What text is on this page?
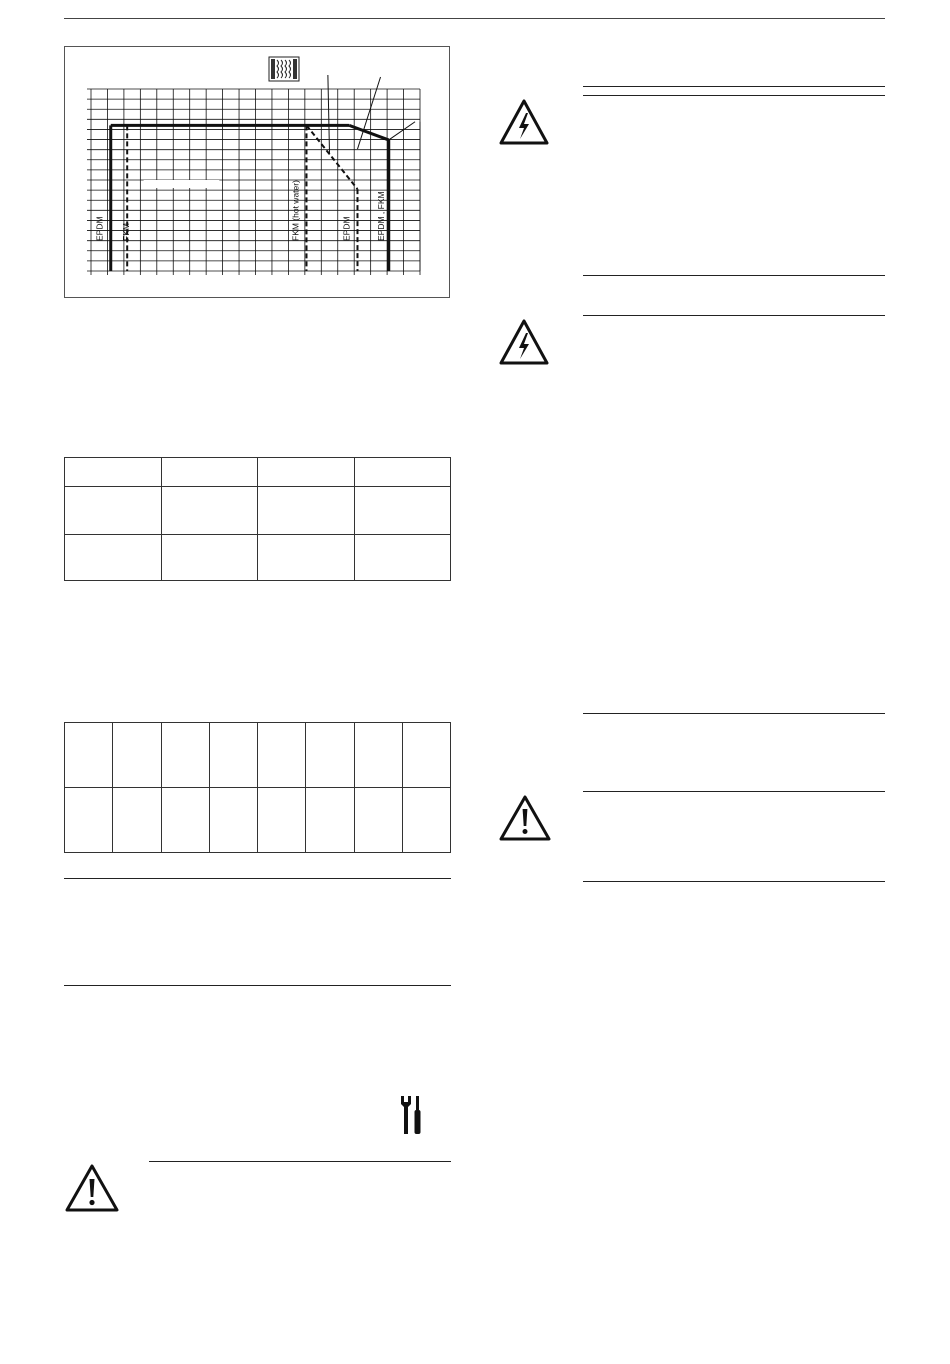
EPDM FKM	FKM (hot water)	EPDM	EPDM , FKM
